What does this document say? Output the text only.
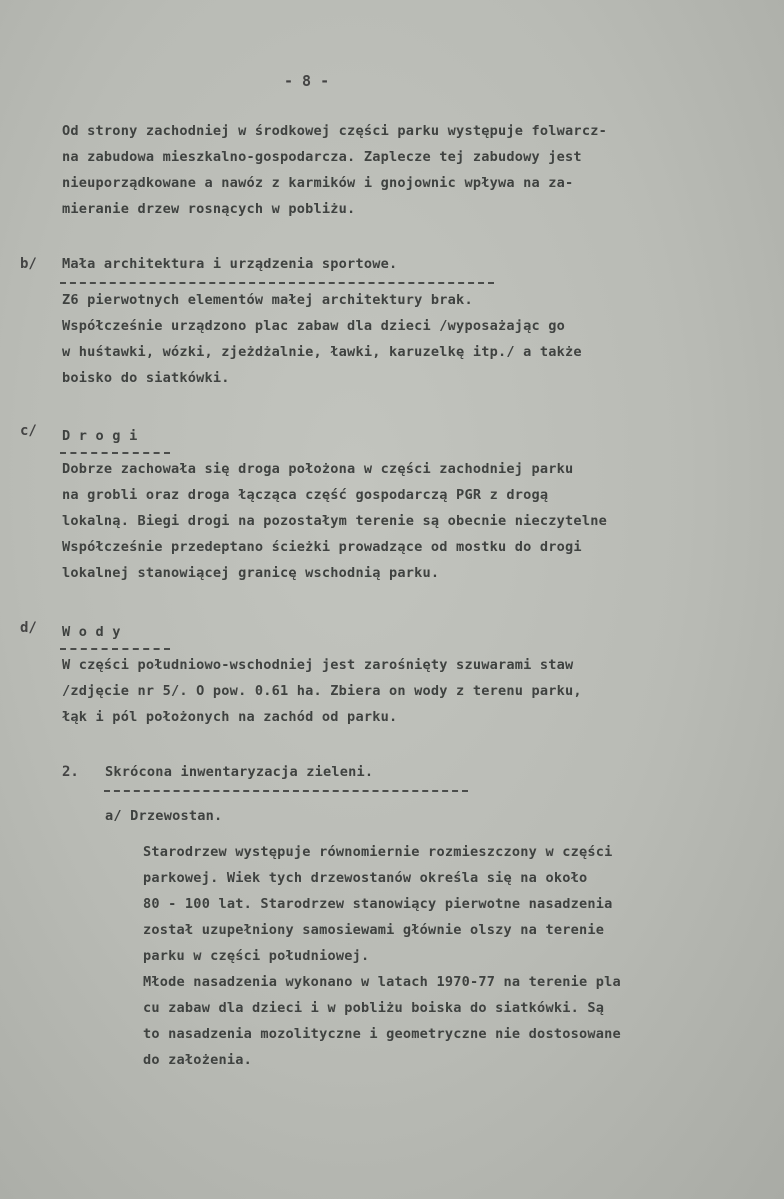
- 8 -
Od strony zachodniej w środkowej części parku występuje folwarcz-
na zabudowa mieszkalno-gospodarcza. Zaplecze tej zabudowy jest
nieuporządkowane a nawóz z karmików i gnojownic wpływa na za-
mieranie drzew rosnących w pobliżu.
b/ Mała architektura i urządzenia sportowe.
Z6 pierwotnych elementów małej architektury brak.
Współcześnie urządzono plac zabaw dla dzieci /wyposażając go
w huśtawki, wózki, zjeżdżalnie, ławki, karuzelkę itp./ a także
boisko do siatkówki.
c/ D r o g i
Dobrze zachowała się droga położona w części zachodniej parku
na grobli oraz droga łącząca część gospodarczą PGR z drogą
lokalną. Biegi drogi na pozostałym terenie są obecnie nieczytelne
Współcześnie przedeptano ścieżki prowadzące od mostku do drogi
lokalnej stanowiącej granicę wschodnią parku.
d/ W o d y
W części południowo-wschodniej jest zarośnięty szuwarami staw
/zdjęcie nr 5/. O pow. 0.61 ha. Zbiera on wody z terenu parku,
łąk i pól położonych na zachód od parku.
2. Skrócona inwentaryzacja zieleni.
a/ Drzewostan.
Starodrzew występuje równomiernie rozmieszczony w części
parkowej. Wiek tych drzewostanów określa się na około
80 - 100 lat. Starodrzew stanowiący pierwotne nasadzenia
został uzupełniony samosiewami głównie olszy na terenie
parku w części południowej.
Młode nasadzenia wykonano w latach 1970-77 na terenie pla
cu zabaw dla dzieci i w pobliżu boiska do siatkówki. Są
to nasadzenia mozolityczne i geometryczne nie dostosowane
do założenia.
